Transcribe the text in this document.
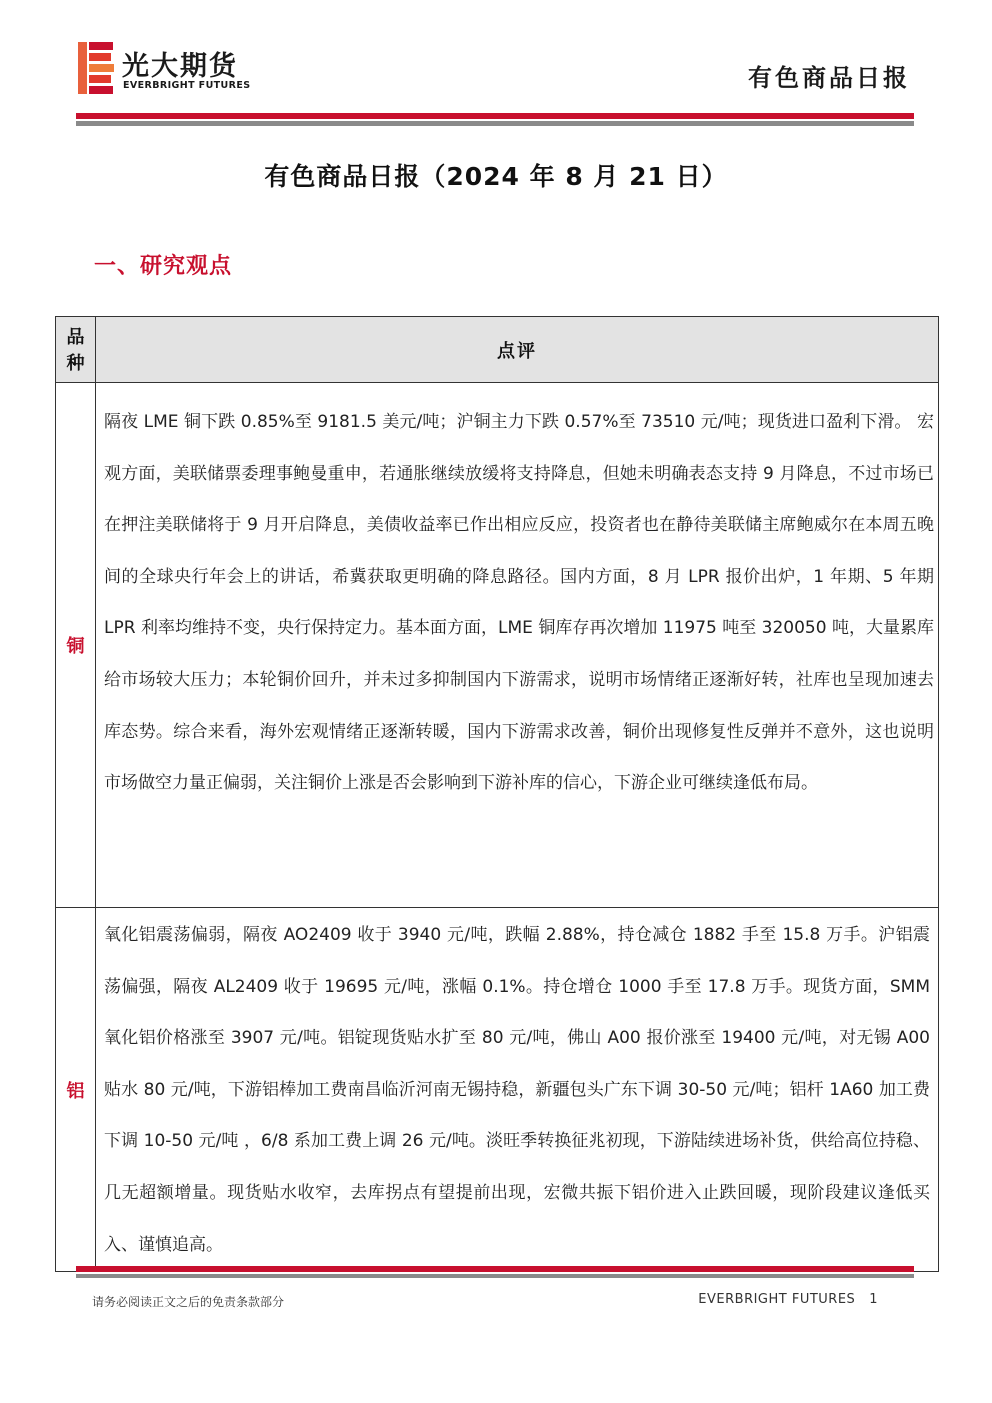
光大期货
EVERBRIGHT FUTURES	有色商品日报
有色商品日报（2024 年 8 月 21 日）
一、研究观点
品
种	点评
铜	隔夜 LME 铜下跌 0.85%至 9181.5 美元/吨；沪铜主力下跌 0.57%至 73510 元/吨；现货进口盈利下滑。 宏观方面，美联储票委理事鲍曼重申，若通胀继续放缓将支持降息，但她未明确表态支持 9 月降息，不过市场已在押注美联储将于 9 月开启降息，美债收益率已作出相应反应，投资者也在静待美联储主席鲍威尔在本周五晚间的全球央行年会上的讲话，希冀获取更明确的降息路径。国内方面，8 月 LPR 报价出炉，1 年期、5 年期 LPR 利率均维持不变，央行保持定力。基本面方面，LME 铜库存再次增加 11975 吨至 320050 吨，大量累库给市场较大压力；本轮铜价回升，并未过多抑制国内下游需求，说明市场情绪正逐渐好转，社库也呈现加速去库态势。综合来看，海外宏观情绪正逐渐转暖，国内下游需求改善，铜价出现修复性反弹并不意外，这也说明市场做空力量正偏弱，关注铜价上涨是否会影响到下游补库的信心，下游企业可继续逢低布局。
铝	氧化铝震荡偏弱，隔夜 AO2409 收于 3940 元/吨，跌幅 2.88%，持仓减仓 1882 手至 15.8 万手。沪铝震荡偏强，隔夜 AL2409 收于 19695 元/吨，涨幅 0.1%。持仓增仓 1000 手至 17.8 万手。现货方面，SMM 氧化铝价格涨至 3907 元/吨。铝锭现货贴水扩至 80 元/吨，佛山 A00 报价涨至 19400 元/吨，对无锡 A00 贴水 80 元/吨，下游铝棒加工费南昌临沂河南无锡持稳，新疆包头广东下调 30-50 元/吨；铝杆 1A60 加工费下调 10-50 元/吨 ，6/8 系加工费上调 26 元/吨。淡旺季转换征兆初现，下游陆续进场补货，供给高位持稳、几无超额增量。现货贴水收窄，去库拐点有望提前出现，宏微共振下铝价进入止跌回暖，现阶段建议逢低买入、谨慎追高。
请务必阅读正文之后的免责条款部分	EVERBRIGHT FUTURES 1
